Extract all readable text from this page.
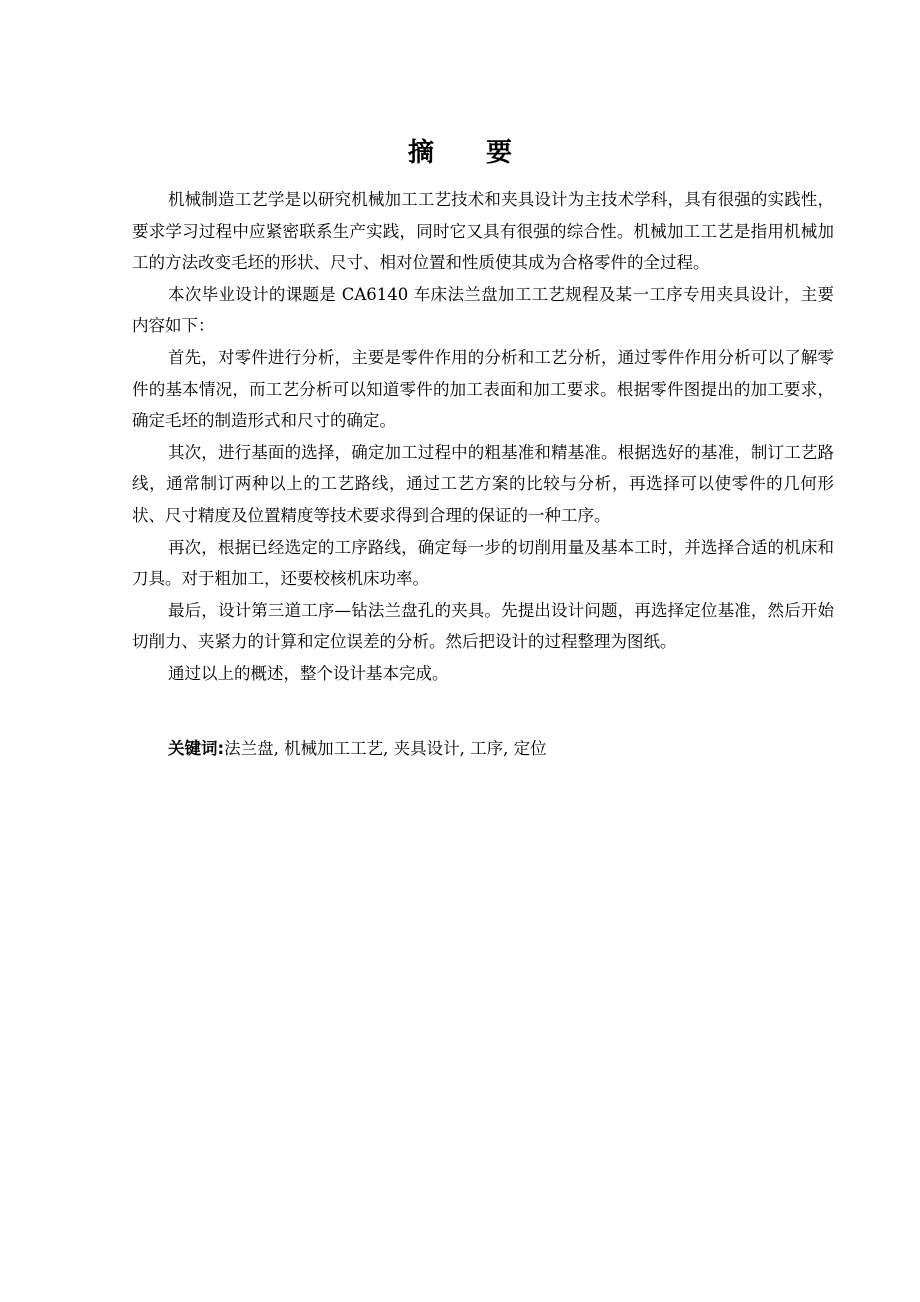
摘 要

机械制造工艺学是以研究机械加工工艺技术和夹具设计为主技术学科，具有很强的实践性，要求学习过程中应紧密联系生产实践，同时它又具有很强的综合性。机械加工工艺是指用机械加工的方法改变毛坯的形状、尺寸、相对位置和性质使其成为合格零件的全过程。

本次毕业设计的课题是 CA6140 车床法兰盘加工工艺规程及某一工序专用夹具设计，主要内容如下：

首先，对零件进行分析，主要是零件作用的分析和工艺分析，通过零件作用分析可以了解零件的基本情况，而工艺分析可以知道零件的加工表面和加工要求。根据零件图提出的加工要求，确定毛坯的制造形式和尺寸的确定。

其次，进行基面的选择，确定加工过程中的粗基准和精基准。根据选好的基准，制订工艺路线，通常制订两种以上的工艺路线，通过工艺方案的比较与分析，再选择可以使零件的几何形状、尺寸精度及位置精度等技术要求得到合理的保证的一种工序。

再次，根据已经选定的工序路线，确定每一步的切削用量及基本工时，并选择合适的机床和刀具。对于粗加工，还要校核机床功率。

最后，设计第三道工序—钻法兰盘孔的夹具。先提出设计问题，再选择定位基准，然后开始切削力、夹紧力的计算和定位误差的分析。然后把设计的过程整理为图纸。

通过以上的概述，整个设计基本完成。

关键词:法兰盘, 机械加工工艺, 夹具设计, 工序, 定位
